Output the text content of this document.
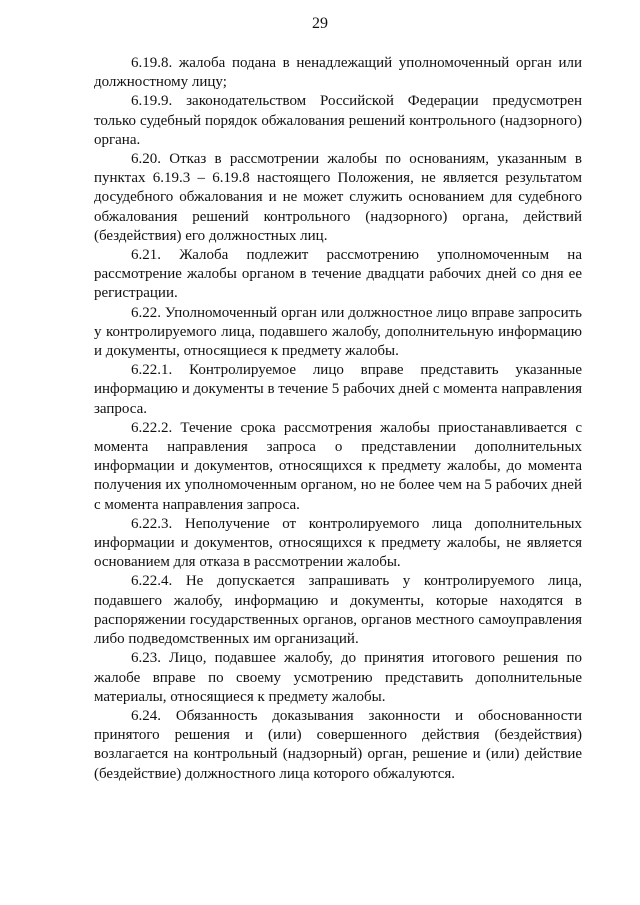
29

6.19.8. жалоба подана в ненадлежащий уполномоченный орган или должностному лицу;

6.19.9. законодательством Российской Федерации предусмотрен только судебный порядок обжалования решений контрольного (надзорного) органа.

6.20. Отказ в рассмотрении жалобы по основаниям, указанным в пунктах 6.19.3 – 6.19.8 настоящего Положения, не является результатом досудебного обжалования и не может служить основанием для судебного обжалования решений контрольного (надзорного) органа, действий (бездействия) его должностных лиц.

6.21. Жалоба подлежит рассмотрению уполномоченным на рассмотрение жалобы органом в течение двадцати рабочих дней со дня ее регистрации.

6.22. Уполномоченный орган или должностное лицо вправе запросить у контролируемого лица, подавшего жалобу, дополнительную информацию и документы, относящиеся к предмету жалобы.

6.22.1. Контролируемое лицо вправе представить указанные информацию и документы в течение 5 рабочих дней с момента направления запроса.

6.22.2. Течение срока рассмотрения жалобы приостанавливается с момента направления запроса о представлении дополнительных информации и документов, относящихся к предмету жалобы, до момента получения их уполномоченным органом, но не более чем на 5 рабочих дней с момента направления запроса.

6.22.3. Неполучение от контролируемого лица дополнительных информации и документов, относящихся к предмету жалобы, не является основанием для отказа в рассмотрении жалобы.

6.22.4. Не допускается запрашивать у контролируемого лица, подавшего жалобу, информацию и документы, которые находятся в распоряжении государственных органов, органов местного самоуправления либо подведомственных им организаций.

6.23. Лицо, подавшее жалобу, до принятия итогового решения по жалобе вправе по своему усмотрению представить дополнительные материалы, относящиеся к предмету жалобы.

6.24. Обязанность доказывания законности и обоснованности принятого решения и (или) совершенного действия (бездействия) возлагается на контрольный (надзорный) орган, решение и (или) действие (бездействие) должностного лица которого обжалуются.
